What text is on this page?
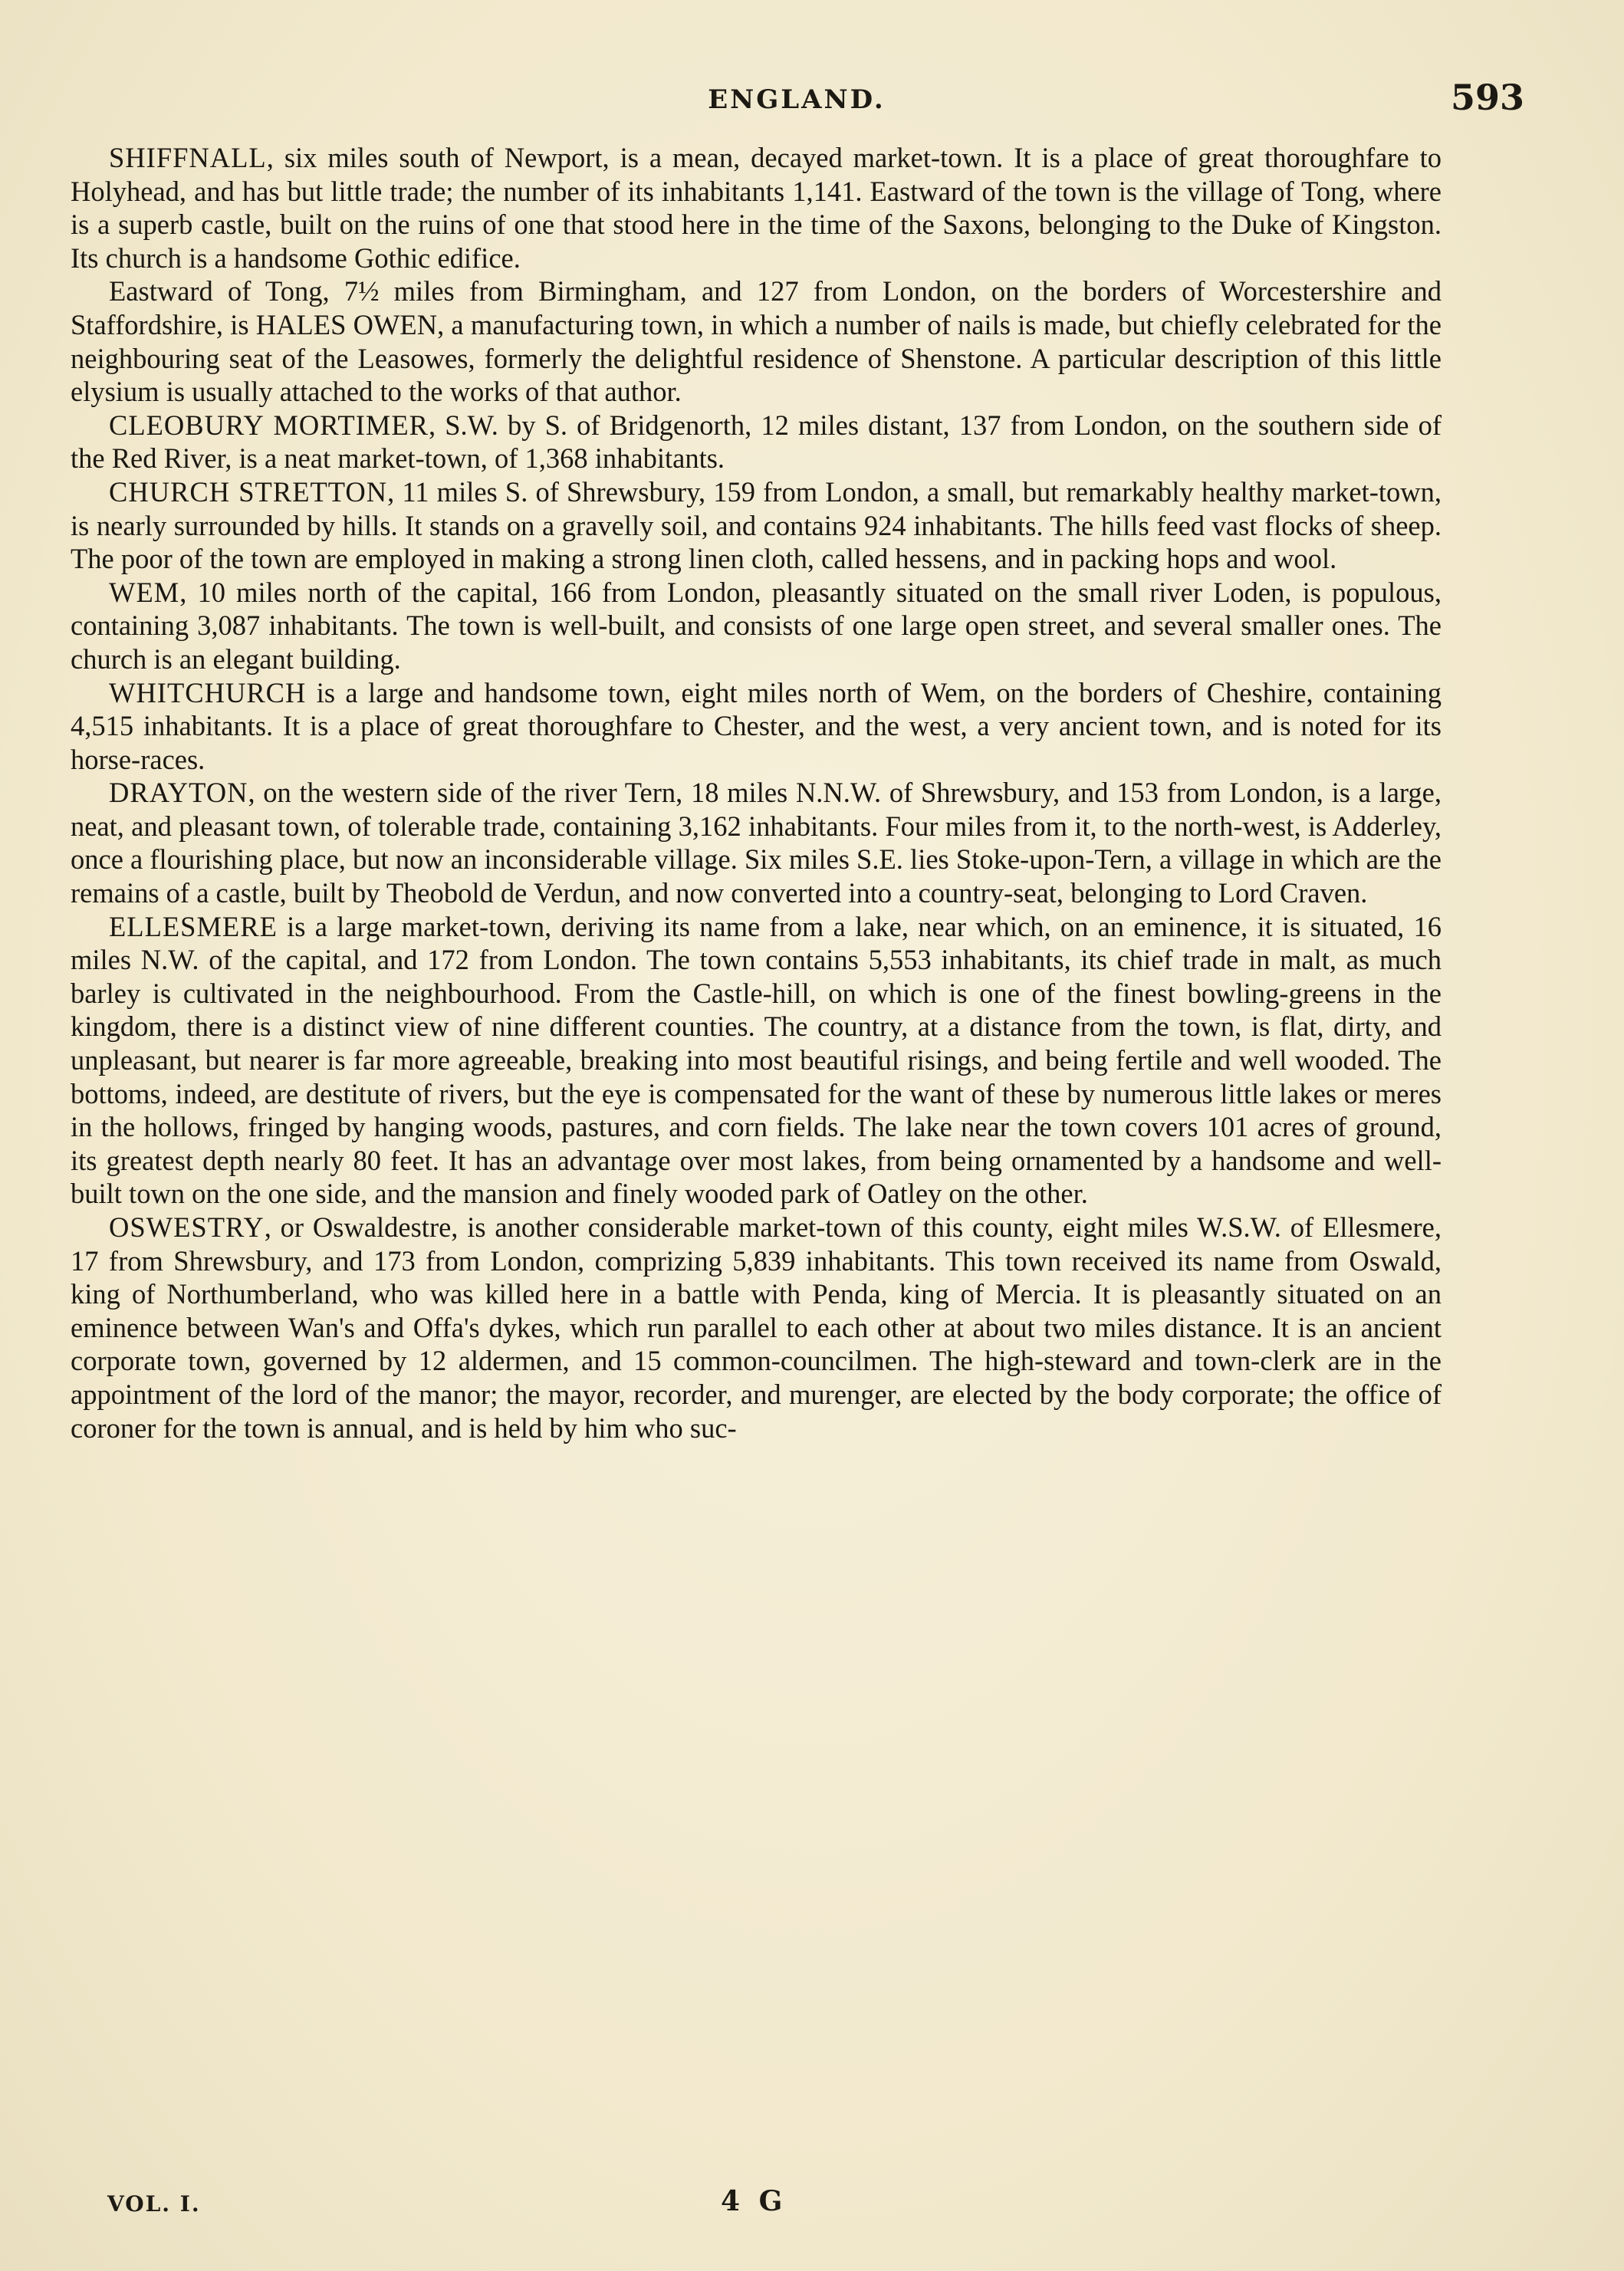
ENGLAND.	593

SHIFFNALL, six miles south of Newport, is a mean, decayed market-town. It is a place of great thoroughfare to Holyhead, and has but little trade; the number of its inhabitants 1,141. Eastward of the town is the village of Tong, where is a superb castle, built on the ruins of one that stood here in the time of the Saxons, belonging to the Duke of Kingston. Its church is a handsome Gothic edifice.

Eastward of Tong, 7½ miles from Birmingham, and 127 from London, on the borders of Worcestershire and Staffordshire, is HALES OWEN, a manufacturing town, in which a number of nails is made, but chiefly celebrated for the neighbouring seat of the Leasowes, formerly the delightful residence of Shenstone. A particular description of this little elysium is usually attached to the works of that author.

CLEOBURY MORTIMER, S.W. by S. of Bridgenorth, 12 miles distant, 137 from London, on the southern side of the Red River, is a neat market-town, of 1,368 inhabitants.

CHURCH STRETTON, 11 miles S. of Shrewsbury, 159 from London, a small, but remarkably healthy market-town, is nearly surrounded by hills. It stands on a gravelly soil, and contains 924 inhabitants. The hills feed vast flocks of sheep. The poor of the town are employed in making a strong linen cloth, called hessens, and in packing hops and wool.

WEM, 10 miles north of the capital, 166 from London, pleasantly situated on the small river Loden, is populous, containing 3,087 inhabitants. The town is well-built, and consists of one large open street, and several smaller ones. The church is an elegant building.

WHITCHURCH is a large and handsome town, eight miles north of Wem, on the borders of Cheshire, containing 4,515 inhabitants. It is a place of great thoroughfare to Chester, and the west, a very ancient town, and is noted for its horse-races.

DRAYTON, on the western side of the river Tern, 18 miles N.N.W. of Shrewsbury, and 153 from London, is a large, neat, and pleasant town, of tolerable trade, containing 3,162 inhabitants. Four miles from it, to the north-west, is Adderley, once a flourishing place, but now an inconsiderable village. Six miles S.E. lies Stoke-upon-Tern, a village in which are the remains of a castle, built by Theobold de Verdun, and now converted into a country-seat, belonging to Lord Craven.

ELLESMERE is a large market-town, deriving its name from a lake, near which, on an eminence, it is situated, 16 miles N.W. of the capital, and 172 from London. The town contains 5,553 inhabitants, its chief trade in malt, as much barley is cultivated in the neighbourhood. From the Castle-hill, on which is one of the finest bowling-greens in the kingdom, there is a distinct view of nine different counties. The country, at a distance from the town, is flat, dirty, and unpleasant, but nearer is far more agreeable, breaking into most beautiful risings, and being fertile and well wooded. The bottoms, indeed, are destitute of rivers, but the eye is compensated for the want of these by numerous little lakes or meres in the hollows, fringed by hanging woods, pastures, and corn fields. The lake near the town covers 101 acres of ground, its greatest depth nearly 80 feet. It has an advantage over most lakes, from being ornamented by a handsome and well-built town on the one side, and the mansion and finely wooded park of Oatley on the other.

OSWESTRY, or Oswaldestre, is another considerable market-town of this county, eight miles W.S.W. of Ellesmere, 17 from Shrewsbury, and 173 from London, comprizing 5,839 inhabitants. This town received its name from Oswald, king of Northumberland, who was killed here in a battle with Penda, king of Mercia. It is pleasantly situated on an eminence between Wan's and Offa's dykes, which run parallel to each other at about two miles distance. It is an ancient corporate town, governed by 12 aldermen, and 15 common-councilmen. The high-steward and town-clerk are in the appointment of the lord of the manor; the mayor, recorder, and murenger, are elected by the body corporate; the office of coroner for the town is annual, and is held by him who suc-

VOL. I.	4 G
